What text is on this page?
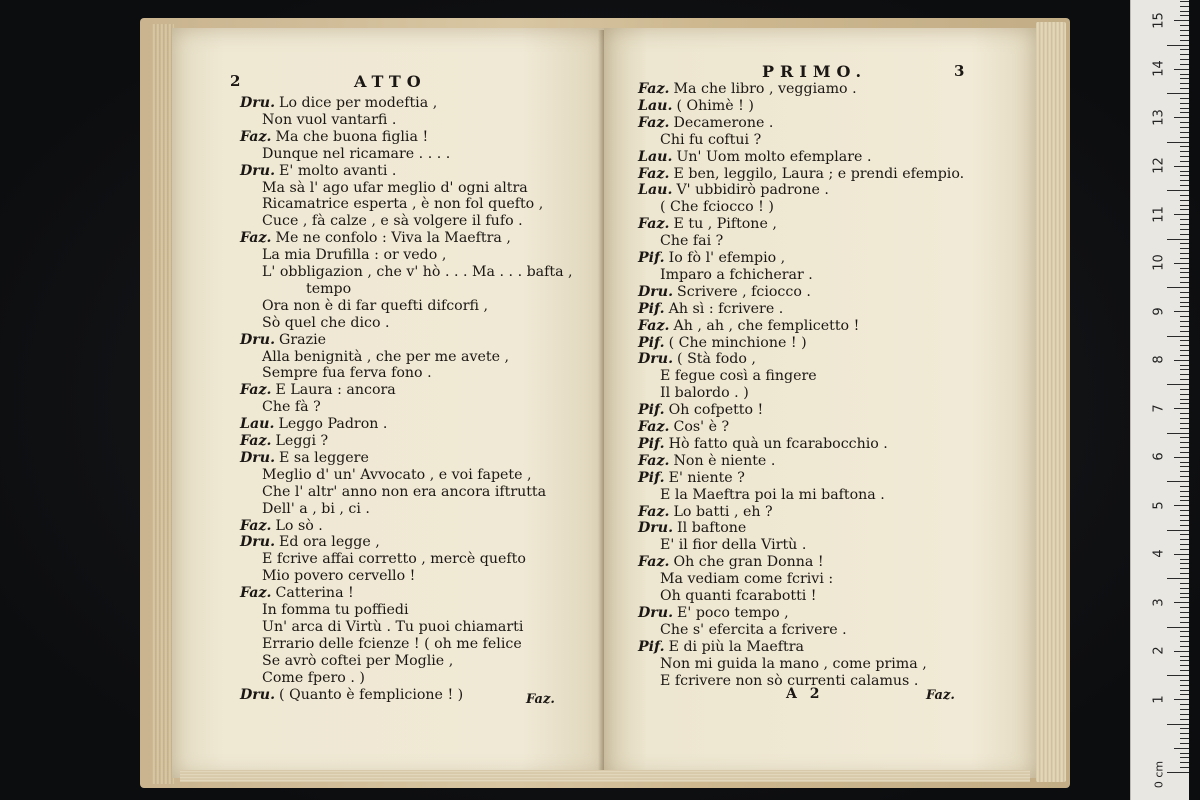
2	ATTO
Dru. Lo dice per modeftia ,
Non vuol vantarfi .
Faz. Ma che buona figlia !
Dunque nel ricamare . . . .
Dru. E' molto avanti .
Ma sà l' ago ufar meglio d' ogni altra
Ricamatrice esperta , è non fol quefto ,
Cuce , fà calze , e sà volgere il fufo .
Faz. Me ne confolo : Viva la Maeftra ,
La mia Drufilla : or vedo ,
L' obbligazion , che v' hò . . . Ma . . . bafta ,
tempo
Ora non è di far quefti difcorfi ,
Sò quel che dico .
Dru. Grazie
Alla benignità , che per me avete ,
Sempre fua ferva fono .
Faz. E Laura : ancora
Che fà ?
Lau. Leggo Padron .
Faz. Leggi ?
Dru. E sa leggere
Meglio d' un' Avvocato , e voi fapete ,
Che l' altr' anno non era ancora iftrutta
Dell' a , bi , ci .
Faz. Lo sò .
Dru. Ed ora legge ,
E fcrive affai corretto , mercè quefto
Mio povero cervello !
Faz. Catterina !
In fomma tu poffiedi
Un' arca di Virtù . Tu puoi chiamarti
Errario delle fcienze ! ( oh me felice
Se avrò coftei per Moglie ,
Come fpero . )
Dru. ( Quanto è femplicione ! )	Faz.
PRIMO.	3
Faz. Ma che libro , veggiamo .
Lau. ( Ohimè ! )
Faz. Decamerone .
Chi fu coftui ?
Lau. Un' Uom molto efemplare .
Faz. E ben, leggilo, Laura ; e prendi efempio.
Lau. V' ubbidirò padrone .
( Che fciocco ! )
Faz. E tu , Piftone ,
Che fai ?
Pif. Io fò l' efempio ,
Imparo a fchicherar .
Dru. Scrivere , fciocco .
Pif. Ah sì : fcrivere .
Faz. Ah , ah , che femplicetto !
Pif. ( Che minchione ! )
Dru. ( Stà fodo ,
E fegue così a fingere
Il balordo . )
Pif. Oh cofpetto !
Faz. Cos' è ?
Pif. Hò fatto quà un fcarabocchio .
Faz. Non è niente .
Pif. E' niente ?
E la Maeftra poi la mi baftona .
Faz. Lo batti , eh ?
Dru. Il baftone
E' il fior della Virtù .
Faz. Oh che gran Donna !
Ma vediam come fcrivi :
Oh quanti fcarabotti !
Dru. E' poco tempo ,
Che s' efercita a fcrivere .
Pif. E di più la Maeftra
Non mi guida la mano , come prima ,
E fcrivere non sò currenti calamus .
A 2	Faz.
15
14
13
12
11
10
9
8
7
6
5
4
3
2
1
0 cm
